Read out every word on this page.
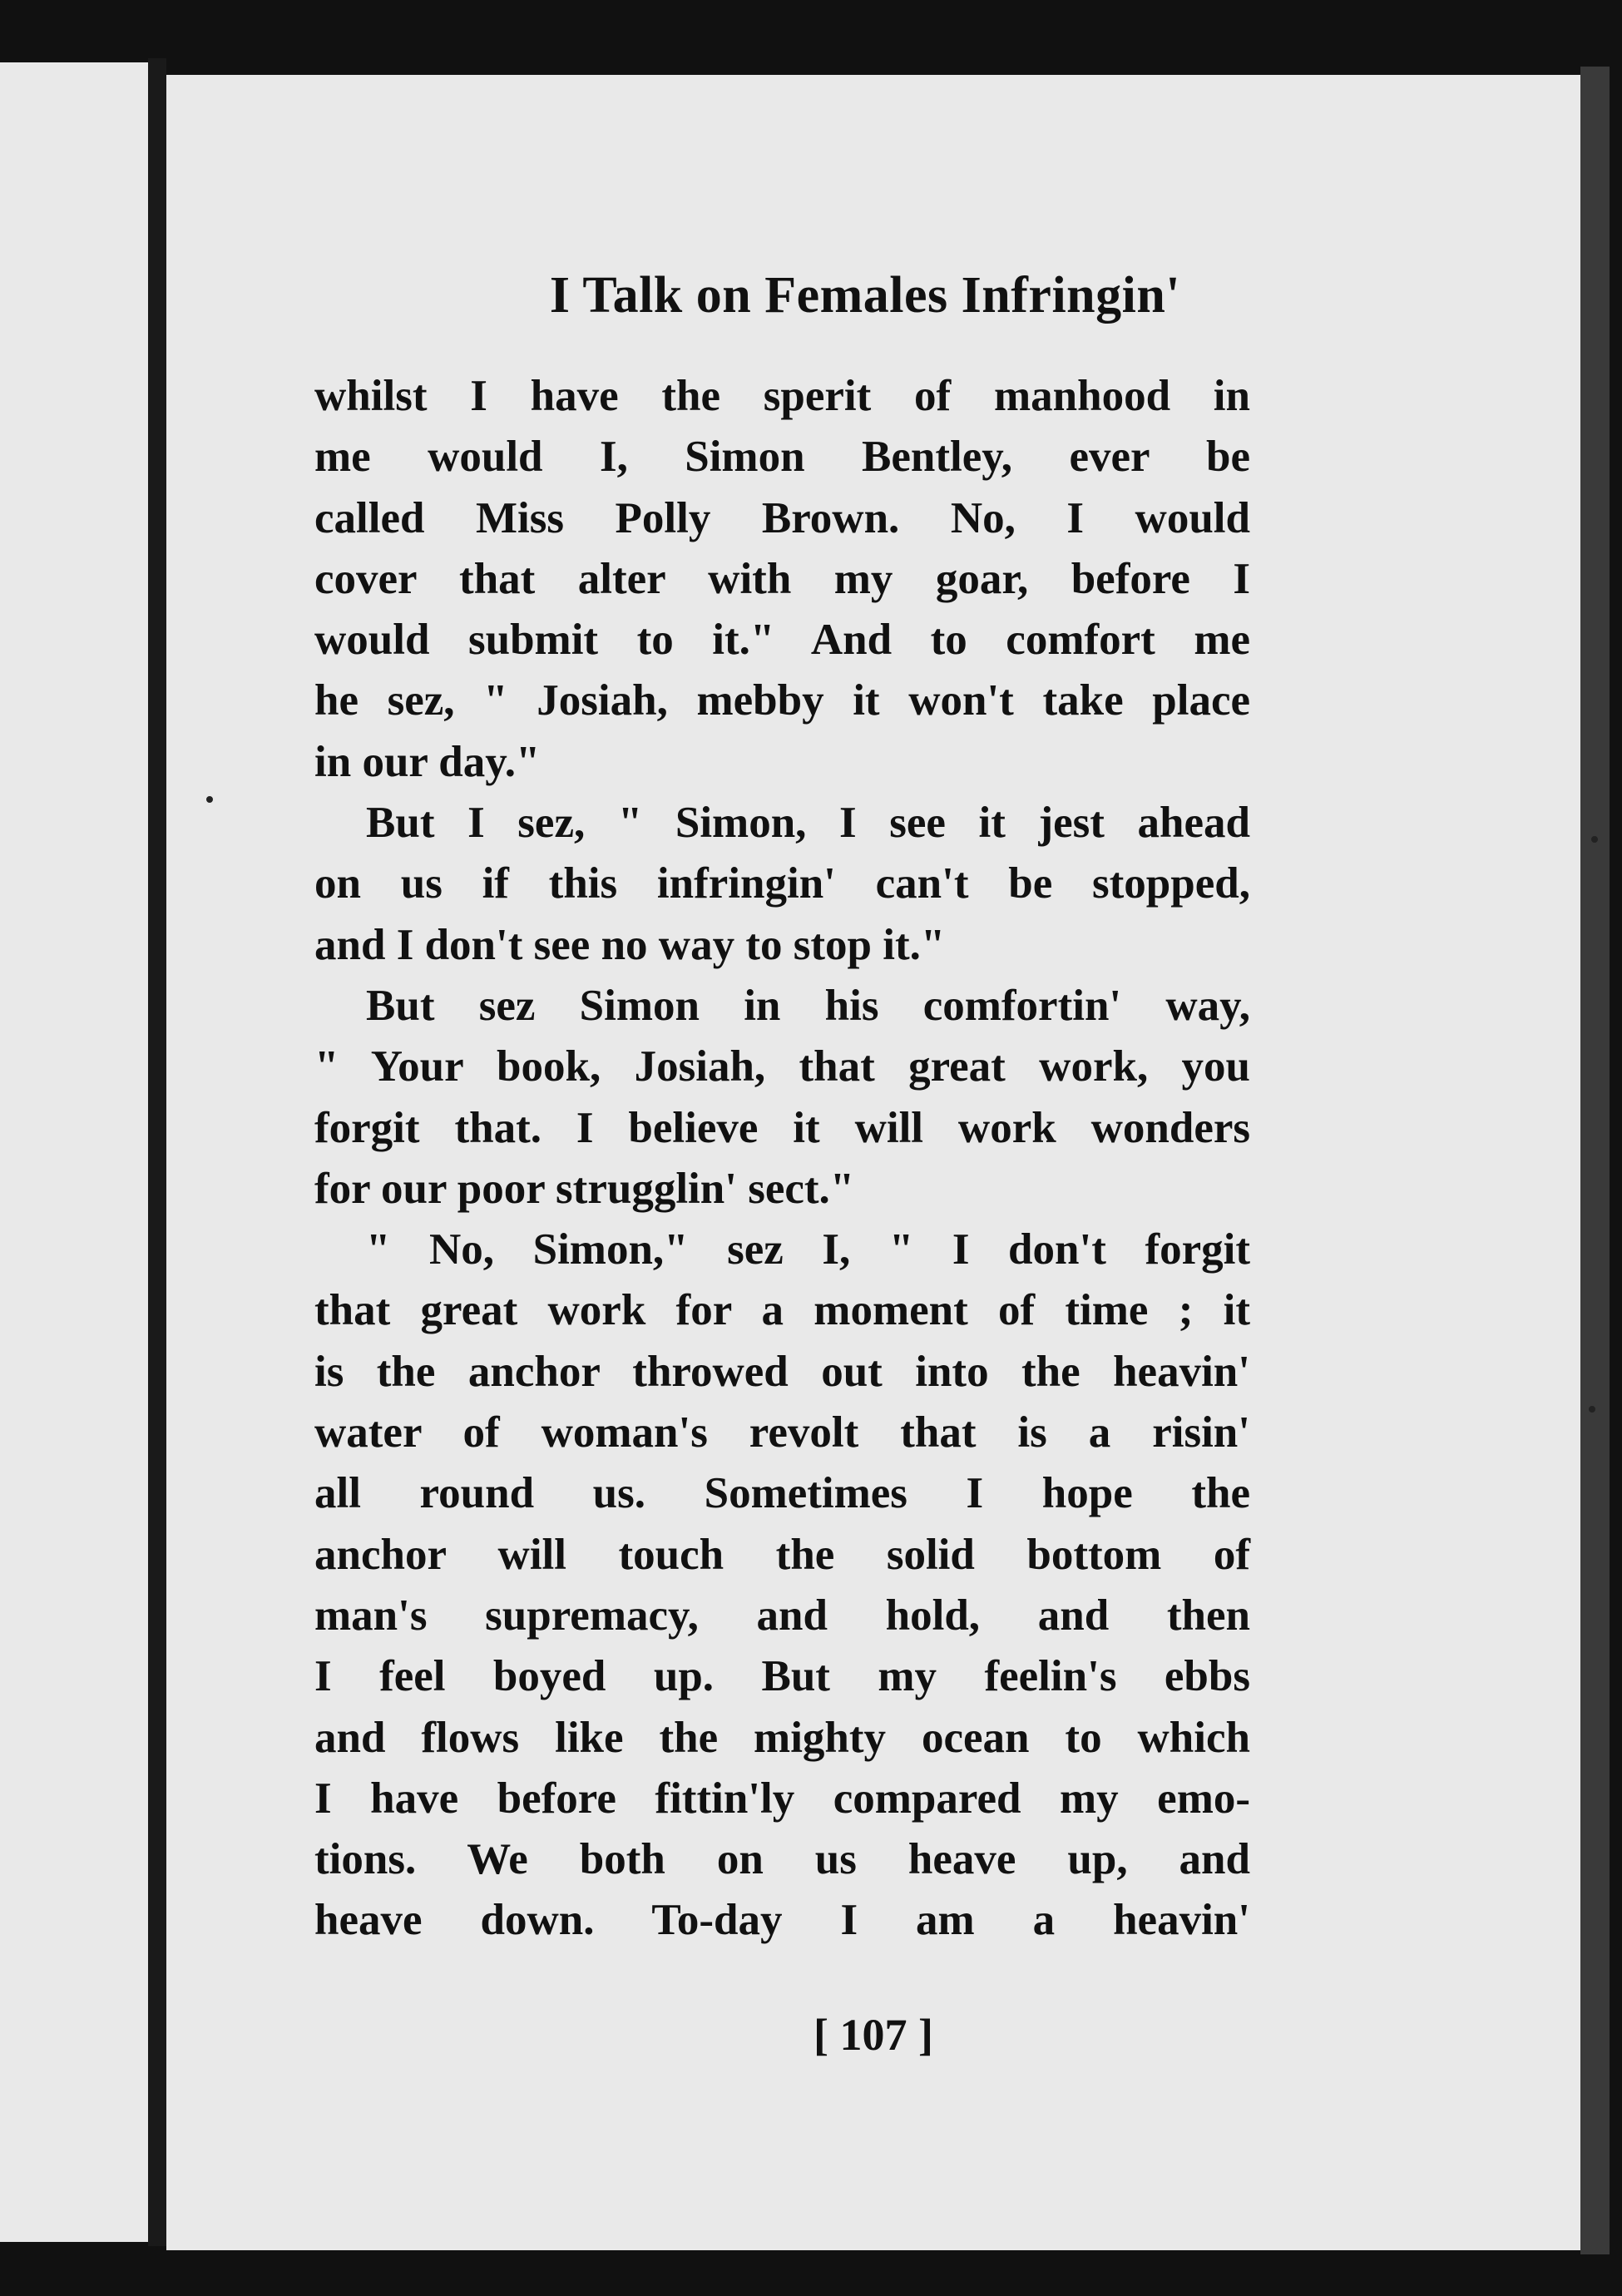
I Talk on Females Infringin'
whilst I have the sperit of manhood in
me would I, Simon Bentley, ever be
called Miss Polly Brown. No, I would
cover that alter with my goar, before I
would submit to it." And to comfort me
he sez, " Josiah, mebby it won't take place
in our day."
But I sez, " Simon, I see it jest ahead
on us if this infringin' can't be stopped,
and I don't see no way to stop it."
But sez Simon in his comfortin' way,
" Your book, Josiah, that great work, you
forgit that. I believe it will work wonders
for our poor strugglin' sect."
" No, Simon," sez I, " I don't forgit
that great work for a moment of time ; it
is the anchor throwed out into the heavin'
water of woman's revolt that is a risin'
all round us. Sometimes I hope the
anchor will touch the solid bottom of
man's supremacy, and hold, and then
I feel boyed up. But my feelin's ebbs
and flows like the mighty ocean to which
I have before fittin'ly compared my emo-
tions. We both on us heave up, and
heave down. To-day I am a heavin'
[ 107 ]
